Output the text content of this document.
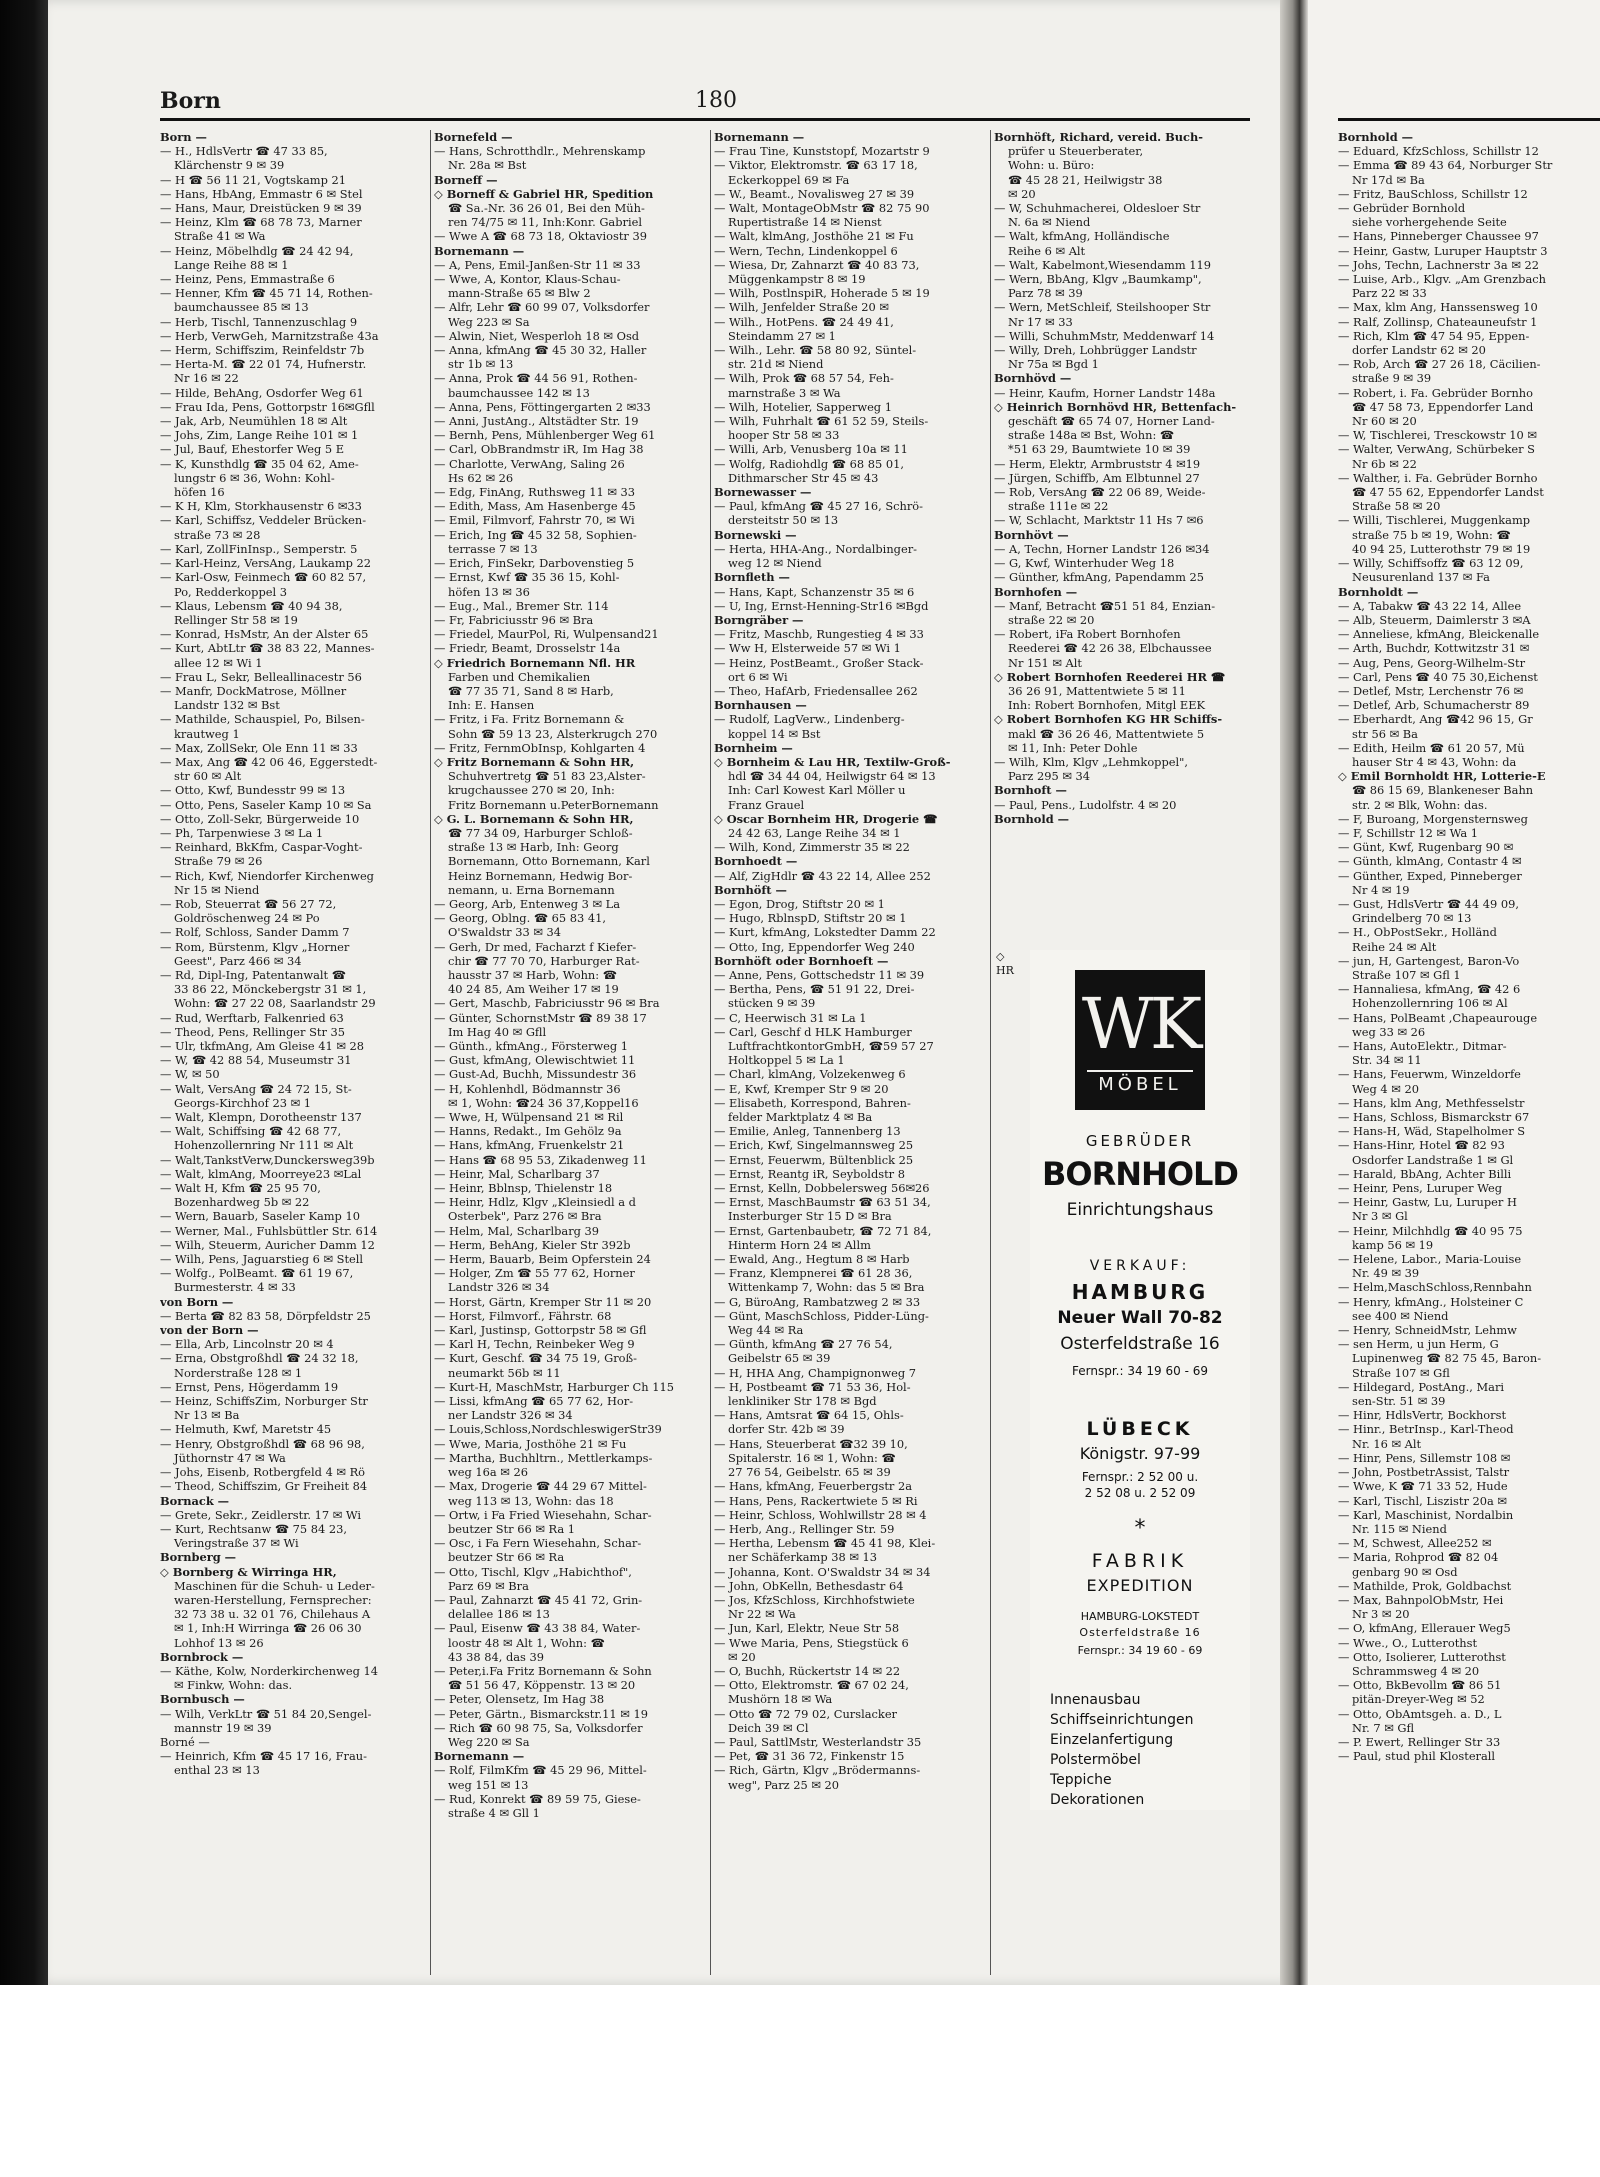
Born	180
Born —
— H., HdlsVertr ☎ 47 33 85,
Klärchenstr 9 ✉ 39
— H ☎ 56 11 21, Vogtskamp 21
— Hans, HbAng, Emmastr 6 ✉ Stel
— Hans, Maur, Dreistücken 9 ✉ 39
— Heinz, Klm ☎ 68 78 73, Marner
Straße 41 ✉ Wa
— Heinz, Möbelhdlg ☎ 24 42 94,
Lange Reihe 88 ✉ 1
— Heinz, Pens, Emmastraße 6
— Henner, Kfm ☎ 45 71 14, Rothen-
baumchaussee 85 ✉ 13
— Herb, Tischl, Tannenzuschlag 9
— Herb, VerwGeh, Marnitzstraße 43a
— Herm, Schiffszim, Reinfeldstr 7b
— Herta-M. ☎ 22 01 74, Hufnerstr.
Nr 16 ✉ 22
— Hilde, BehAng, Osdorfer Weg 61
— Frau Ida, Pens, Gottorpstr 16✉Gfll
— Jak, Arb, Neumühlen 18 ✉ Alt
— Johs, Zim, Lange Reihe 101 ✉ 1
— Jul, Bauf, Ehestorfer Weg 5 E
— K, Kunsthdlg ☎ 35 04 62, Ame-
lungstr 6 ✉ 36, Wohn: Kohl-
höfen 16
— K H, Klm, Storkhausenstr 6 ✉33
— Karl, Schiffsz, Veddeler Brücken-
straße 73 ✉ 28
— Karl, ZollFinInsp., Semperstr. 5
— Karl-Heinz, VersAng, Laukamp 22
— Karl-Osw, Feinmech ☎ 60 82 57,
Po, Redderkoppel 3
— Klaus, Lebensm ☎ 40 94 38,
Rellinger Str 58 ✉ 19
— Konrad, HsMstr, An der Alster 65
— Kurt, AbtLtr ☎ 38 83 22, Mannes-
allee 12 ✉ Wi 1
— Frau L, Sekr, Belleallinacestr 56
— Manfr, DockMatrose, Möllner
Landstr 132 ✉ Bst
— Mathilde, Schauspiel, Po, Bilsen-
krautweg 1
— Max, ZollSekr, Ole Enn 11 ✉ 33
— Max, Ang ☎ 42 06 46, Eggerstedt-
str 60 ✉ Alt
— Otto, Kwf, Bundesstr 99 ✉ 13
— Otto, Pens, Saseler Kamp 10 ✉ Sa
— Otto, Zoll-Sekr, Bürgerweide 10
— Ph, Tarpenwiese 3 ✉ La 1
— Reinhard, BkKfm, Caspar-Voght-
Straße 79 ✉ 26
— Rich, Kwf, Niendorfer Kirchenweg
Nr 15 ✉ Niend
— Rob, Steuerrat ☎ 56 27 72,
Goldröschenweg 24 ✉ Po
— Rolf, Schloss, Sander Damm 7
— Rom, Bürstenm, Klgv „Horner
Geest", Parz 466 ✉ 34
— Rd, Dipl-Ing, Patentanwalt ☎
33 86 22, Mönckebergstr 31 ✉ 1,
Wohn: ☎ 27 22 08, Saarlandstr 29
— Rud, Werftarb, Falkenried 63
— Theod, Pens, Rellinger Str 35
— Ulr, tkfmAng, Am Gleise 41 ✉ 28
— W, ☎ 42 88 54, Museumstr 31
— W, ✉ 50
— Walt, VersAng ☎ 24 72 15, St-
Georgs-Kirchhof 23 ✉ 1
— Walt, Klempn, Dorotheenstr 137
— Walt, Schiffsing ☎ 42 68 77,
Hohenzollernring Nr 111 ✉ Alt
— Walt,TankstVerw,Dunckersweg39b
— Walt, klmAng, Moorreye23 ✉Lal
— Walt H, Kfm ☎ 25 95 70,
Bozenhardweg 5b ✉ 22
— Wern, Bauarb, Saseler Kamp 10
— Werner, Mal., Fuhlsbüttler Str. 614
— Wilh, Steuerm, Auricher Damm 12
— Wilh, Pens, Jaguarstieg 6 ✉ Stell
— Wolfg., PolBeamt. ☎ 61 19 67,
Burmesterstr. 4 ✉ 33
von Born —
— Berta ☎ 82 83 58, Dörpfeldstr 25
von der Born —
— Ella, Arb, Lincolnstr 20 ✉ 4
— Erna, Obstgroßhdl ☎ 24 32 18,
Norderstraße 128 ✉ 1
— Ernst, Pens, Högerdamm 19
— Heinz, SchiffsZim, Norburger Str
Nr 13 ✉ Ba
— Helmuth, Kwf, Maretstr 45
— Henry, Obstgroßhdl ☎ 68 96 98,
Jüthornstr 47 ✉ Wa
— Johs, Eisenb, Rotbergfeld 4 ✉ Rö
— Theod, Schiffszim, Gr Freiheit 84
Bornack —
— Grete, Sekr., Zeidlerstr. 17 ✉ Wi
— Kurt, Rechtsanw ☎ 75 84 23,
Veringstraße 37 ✉ Wi
Bornberg —
◇ Bornberg & Wirringa HR,
Maschinen für die Schuh- u Leder-
waren-Herstellung, Fernsprecher:
32 73 38 u. 32 01 76, Chilehaus A
✉ 1, Inh:H Wirringa ☎ 26 06 30
Lohhof 13 ✉ 26
Bornbrock —
— Käthe, Kolw, Norderkirchenweg 14
✉ Finkw, Wohn: das.
Bornbusch —
— Wilh, VerkLtr ☎ 51 84 20,Sengel-
mannstr 19 ✉ 39
Borné —
— Heinrich, Kfm ☎ 45 17 16, Frau-
enthal 23 ✉ 13
Bornefeld —
— Hans, Schrotthdlr., Mehrenskamp
Nr. 28a ✉ Bst
Borneff —
◇ Borneff & Gabriel HR, Spedition
☎ Sa.-Nr. 36 26 01, Bei den Müh-
ren 74/75 ✉ 11, Inh:Konr. Gabriel
— Wwe A ☎ 68 73 18, Oktaviostr 39
Bornemann —
— A, Pens, Emil-Janßen-Str 11 ✉ 33
— Wwe, A, Kontor, Klaus-Schau-
mann-Straße 65 ✉ Blw 2
— Alfr, Lehr ☎ 60 99 07, Volksdorfer
Weg 223 ✉ Sa
— Alwin, Niet, Wesperloh 18 ✉ Osd
— Anna, kfmAng ☎ 45 30 32, Haller
str 1b ✉ 13
— Anna, Prok ☎ 44 56 91, Rothen-
baumchaussee 142 ✉ 13
— Anna, Pens, Föttingergarten 2 ✉33
— Anni, JustAng., Altstädter Str. 19
— Bernh, Pens, Mühlenberger Weg 61
— Carl, ObBrandmstr iR, Im Hag 38
— Charlotte, VerwAng, Saling 26
Hs 62 ✉ 26
— Edg, FinAng, Ruthsweg 11 ✉ 33
— Edith, Mass, Am Hasenberge 45
— Emil, Filmvorf, Fahrstr 70, ✉ Wi
— Erich, Ing ☎ 45 32 58, Sophien-
terrasse 7 ✉ 13
— Erich, FinSekr, Darbovenstieg 5
— Ernst, Kwf ☎ 35 36 15, Kohl-
höfen 13 ✉ 36
— Eug., Mal., Bremer Str. 114
— Fr, Fabriciusstr 96 ✉ Bra
— Friedel, MaurPol, Ri, Wulpensand21
— Friedr, Beamt, Drosselstr 14a
◇ Friedrich Bornemann Nfl. HR
Farben und Chemikalien
☎ 77 35 71, Sand 8 ✉ Harb,
Inh: E. Hansen
— Fritz, i Fa. Fritz Bornemann &
Sohn ☎ 59 13 23, Alsterkrugch 270
— Fritz, FernmObInsp, Kohlgarten 4
◇ Fritz Bornemann & Sohn HR,
Schuhvertretg ☎ 51 83 23,Alster-
krugchaussee 270 ✉ 20, Inh:
Fritz Bornemann u.PeterBornemann
◇ G. L. Bornemann & Sohn HR,
☎ 77 34 09, Harburger Schloß-
straße 13 ✉ Harb, Inh: Georg
Bornemann, Otto Bornemann, Karl
Heinz Bornemann, Hedwig Bor-
nemann, u. Erna Bornemann
— Georg, Arb, Entenweg 3 ✉ La
— Georg, Oblng. ☎ 65 83 41,
O'Swaldstr 33 ✉ 34
— Gerh, Dr med, Facharzt f Kiefer-
chir ☎ 77 70 70, Harburger Rat-
hausstr 37 ✉ Harb, Wohn: ☎
40 24 85, Am Weiher 17 ✉ 19
— Gert, Maschb, Fabriciusstr 96 ✉ Bra
— Günter, SchornstMstr ☎ 89 38 17
Im Hag 40 ✉ Gfll
— Günth., kfmAng., Försterweg 1
— Gust, kfmAng, Olewischtwiet 11
— Gust-Ad, Buchh, Missundestr 36
— H, Kohlenhdl, Bödmannstr 36
✉ 1, Wohn: ☎24 36 37,Koppel16
— Wwe, H, Wülpensand 21 ✉ Ril
— Hanns, Redakt., Im Gehölz 9a
— Hans, kfmAng, Fruenkelstr 21
— Hans ☎ 68 95 53, Zikadenweg 11
— Heinr, Mal, Scharlbarg 37
— Heinr, Bblnsp, Thielenstr 18
— Heinr, Hdlz, Klgv „Kleinsiedl a d
Osterbek", Parz 276 ✉ Bra
— Helm, Mal, Scharlbarg 39
— Herm, BehAng, Kieler Str 392b
— Herm, Bauarb, Beim Opferstein 24
— Holger, Zm ☎ 55 77 62, Horner
Landstr 326 ✉ 34
— Horst, Gärtn, Kremper Str 11 ✉ 20
— Horst, Filmvorf., Fährstr. 68
— Karl, Justinsp, Gottorpstr 58 ✉ Gfl
— Karl H, Techn, Reinbeker Weg 9
— Kurt, Geschf. ☎ 34 75 19, Groß-
neumarkt 56b ✉ 11
— Kurt-H, MaschMstr, Harburger Ch 115
— Lissi, kfmAng ☎ 65 77 62, Hor-
ner Landstr 326 ✉ 34
— Louis,Schloss,NordschleswigerStr39
— Wwe, Maria, Josthöhe 21 ✉ Fu
— Martha, Buchhltrn., Mettlerkamps-
weg 16a ✉ 26
— Max, Drogerie ☎ 44 29 67 Mittel-
weg 113 ✉ 13, Wohn: das 18
— Ortw, i Fa Fried Wiesehahn, Schar-
beutzer Str 66 ✉ Ra 1
— Osc, i Fa Fern Wiesehahn, Schar-
beutzer Str 66 ✉ Ra
— Otto, Tischl, Klgv „Habichthof",
Parz 69 ✉ Bra
— Paul, Zahnarzt ☎ 45 41 72, Grin-
delallee 186 ✉ 13
— Paul, Eisenw ☎ 43 38 84, Water-
loostr 48 ✉ Alt 1, Wohn: ☎
43 38 84, das 39
— Peter,i.Fa Fritz Bornemann & Sohn
☎ 51 56 47, Köppenstr. 13 ✉ 20
— Peter, Olensetz, Im Hag 38
— Peter, Gärtn., Bismarckstr.11 ✉ 19
— Rich ☎ 60 98 75, Sa, Volksdorfer
Weg 220 ✉ Sa
Bornemann —
— Rolf, FilmKfm ☎ 45 29 96, Mittel-
weg 151 ✉ 13
— Rud, Konrekt ☎ 89 59 75, Giese-
straße 4 ✉ Gll 1
Bornemann —
— Frau Tine, Kunststopf, Mozartstr 9
— Viktor, Elektromstr. ☎ 63 17 18,
Eckerkoppel 69 ✉ Fa
— W., Beamt., Novalisweg 27 ✉ 39
— Walt, MontageObMstr ☎ 82 75 90
Rupertistraße 14 ✉ Nienst
— Walt, klmAng, Josthöhe 21 ✉ Fu
— Wern, Techn, Lindenkoppel 6
— Wiesa, Dr, Zahnarzt ☎ 40 83 73,
Müggenkampstr 8 ✉ 19
— Wilh, PostlnspiR, Hoherade 5 ✉ 19
— Wilh, Jenfelder Straße 20 ✉
— Wilh., HotPens. ☎ 24 49 41,
Steindamm 27 ✉ 1
— Wilh., Lehr. ☎ 58 80 92, Süntel-
str. 21d ✉ Niend
— Wilh, Prok ☎ 68 57 54, Feh-
marnstraße 3 ✉ Wa
— Wilh, Hotelier, Sapperweg 1
— Wilh, Fuhrhalt ☎ 61 52 59, Steils-
hooper Str 58 ✉ 33
— Willi, Arb, Venusberg 10a ✉ 11
— Wolfg, Radiohdlg ☎ 68 85 01,
Dithmarscher Str 45 ✉ 43
Bornewasser —
— Paul, kfmAng ☎ 45 27 16, Schrö-
dersteitstr 50 ✉ 13
Bornewski —
— Herta, HHA-Ang., Nordalbinger-
weg 12 ✉ Niend
Bornfleth —
— Hans, Kapt, Schanzenstr 35 ✉ 6
— U, Ing, Ernst-Henning-Str16 ✉Bgd
Borngräber —
— Fritz, Maschb, Rungestieg 4 ✉ 33
— Ww H, Elsterweide 57 ✉ Wi 1
— Heinz, PostBeamt., Großer Stack-
ort 6 ✉ Wi
— Theo, HafArb, Friedensallee 262
Bornhausen —
— Rudolf, LagVerw., Lindenberg-
koppel 14 ✉ Bst
Bornheim —
◇ Bornheim & Lau HR, Textilw-Groß-
hdl ☎ 34 44 04, Heilwigstr 64 ✉ 13
Inh: Carl Kowest Karl Möller u
Franz Grauel
◇ Oscar Bornheim HR, Drogerie ☎
24 42 63, Lange Reihe 34 ✉ 1
— Wilh, Kond, Zimmerstr 35 ✉ 22
Bornhoedt —
— Alf, ZigHdlr ☎ 43 22 14, Allee 252
Bornhöft —
— Egon, Drog, Stiftstr 20 ✉ 1
— Hugo, RblnspD, Stiftstr 20 ✉ 1
— Kurt, kfmAng, Lokstedter Damm 22
— Otto, Ing, Eppendorfer Weg 240
Bornhöft oder Bornhoeft —
— Anne, Pens, Gottschedstr 11 ✉ 39
— Bertha, Pens, ☎ 51 91 22, Drei-
stücken 9 ✉ 39
— C, Heerwisch 31 ✉ La 1
— Carl, Geschf d HLK Hamburger
LuftfrachtkontorGmbH, ☎59 57 27
Holtkoppel 5 ✉ La 1
— Charl, klmAng, Volzekenweg 6
— E, Kwf, Kremper Str 9 ✉ 20
— Elisabeth, Korrespond, Bahren-
felder Marktplatz 4 ✉ Ba
— Emilie, Anleg, Tannenberg 13
— Erich, Kwf, Singelmannsweg 25
— Ernst, Feuerwm, Bültenblick 25
— Ernst, Reantg iR, Seyboldstr 8
— Ernst, Kelln, Dobbelersweg 56✉26
— Ernst, MaschBaumstr ☎ 63 51 34,
Insterburger Str 15 D ✉ Bra
— Ernst, Gartenbaubetr, ☎ 72 71 84,
Hinterm Horn 24 ✉ Allm
— Ewald, Ang., Hegtum 8 ✉ Harb
— Franz, Klempnerei ☎ 61 28 36,
Wittenkamp 7, Wohn: das 5 ✉ Bra
— G, BüroAng, Rambatzweg 2 ✉ 33
— Günt, MaschSchloss, Pidder-Lüng-
Weg 44 ✉ Ra
— Günth, kfmAng ☎ 27 76 54,
Geibelstr 65 ✉ 39
— H, HHA Ang, Champignonweg 7
— H, Postbeamt ☎ 71 53 36, Hol-
lenkliniker Str 178 ✉ Bgd
— Hans, Amtsrat ☎ 64 15, Ohls-
dorfer Str. 42b ✉ 39
— Hans, Steuerberat ☎32 39 10,
Spitalerstr. 16 ✉ 1, Wohn: ☎
27 76 54, Geibelstr. 65 ✉ 39
— Hans, kfmAng, Feuerbergstr 2a
— Hans, Pens, Rackertwiete 5 ✉ Ri
— Heinr, Schloss, Wohlwillstr 28 ✉ 4
— Herb, Ang., Rellinger Str. 59
— Hertha, Lebensm ☎ 45 41 98, Klei-
ner Schäferkamp 38 ✉ 13
— Johanna, Kont. O'Swaldstr 34 ✉ 34
— John, ObKelln, Bethesdastr 64
— Jos, KfzSchloss, Kirchhofstwiete
Nr 22 ✉ Wa
— Jun, Karl, Elektr, Neue Str 58
— Wwe Maria, Pens, Stiegstück 6
✉ 20
— O, Buchh, Rückertstr 14 ✉ 22
— Otto, Elektromstr. ☎ 67 02 24,
Mushörn 18 ✉ Wa
— Otto ☎ 72 79 02, Curslacker
Deich 39 ✉ Cl
— Paul, SattlMstr, Westerlandstr 35
— Pet, ☎ 31 36 72, Finkenstr 15
— Rich, Gärtn, Klgv „Brödermanns-
weg", Parz 25 ✉ 20
Bornhöft, Richard, vereid. Buch-
prüfer u Steuerberater,
Wohn: u. Büro:
☎ 45 28 21, Heilwigstr 38
✉ 20
— W, Schuhmacherei, Oldesloer Str
N. 6a ✉ Niend
— Walt, kfmAng, Holländische
Reihe 6 ✉ Alt
— Walt, Kabelmont,Wiesendamm 119
— Wern, BbAng, Klgv „Baumkamp",
Parz 78 ✉ 39
— Wern, MetSchleif, Steilshooper Str
Nr 17 ✉ 33
— Willi, SchuhmMstr, Meddenwarf 14
— Willy, Dreh, Lohbrügger Landstr
Nr 75a ✉ Bgd 1
Bornhövd —
— Heinr, Kaufm, Horner Landstr 148a
◇ Heinrich Bornhövd HR, Bettenfach-
geschäft ☎ 65 74 07, Horner Land-
straße 148a ✉ Bst, Wohn: ☎
*51 63 29, Baumtwiete 10 ✉ 39
— Herm, Elektr, Armbruststr 4 ✉19
— Jürgen, Schiffb, Am Elbtunnel 27
— Rob, VersAng ☎ 22 06 89, Weide-
straße 111e ✉ 22
— W, Schlacht, Marktstr 11 Hs 7 ✉6
Bornhövt —
— A, Techn, Horner Landstr 126 ✉34
— G, Kwf, Winterhuder Weg 18
— Günther, kfmAng, Papendamm 25
Bornhofen —
— Manf, Betracht ☎51 51 84, Enzian-
straße 22 ✉ 20
— Robert, iFa Robert Bornhofen
Reederei ☎ 42 26 38, Elbchaussee
Nr 151 ✉ Alt
◇ Robert Bornhofen Reederei HR ☎
36 26 91, Mattentwiete 5 ✉ 11
Inh: Robert Bornhofen, Mitgl EEK
◇ Robert Bornhofen KG HR Schiffs-
makl ☎ 36 26 46, Mattentwiete 5
✉ 11, Inh: Peter Dohle
— Wilh, Klm, Klgv „Lehmkoppel",
Parz 295 ✉ 34
Bornhoft —
— Paul, Pens., Ludolfstr. 4 ✉ 20
Bornhold —
◇
HR
WK
MÖBEL
GEBRÜDER
BORNHOLD
Einrichtungshaus
VERKAUF:
HAMBURG
Neuer Wall 70-82
Osterfeldstraße 16
Fernspr.: 34 19 60 - 69
LÜBECK
Königstr. 97-99
Fernspr.: 2 52 00 u.
2 52 08 u. 2 52 09
*
FABRIK
EXPEDITION
HAMBURG-LOKSTEDT
Osterfeldstraße 16
Fernspr.: 34 19 60 - 69
Innenausbau
Schiffseinrichtungen
Einzelanfertigung
Polstermöbel
Teppiche
Dekorationen
Bornhold —
— Eduard, KfzSchloss, Schillstr 12
— Emma ☎ 89 43 64, Norburger Str
Nr 17d ✉ Ba
— Fritz, BauSchloss, Schillstr 12
— Gebrüder Bornhold
siehe vorhergehende Seite
— Hans, Pinneberger Chaussee 97
— Heinr, Gastw, Luruper Hauptstr 3
— Johs, Techn, Lachnerstr 3a ✉ 22
— Luise, Arb., Klgv. „Am Grenzbach
Parz 22 ✉ 33
— Max, klm Ang, Hanssensweg 10
— Ralf, Zollinsp, Chateauneufstr 1
— Rich, Klm ☎ 47 54 95, Eppen-
dorfer Landstr 62 ✉ 20
— Rob, Arch ☎ 27 26 18, Cäcilien-
straße 9 ✉ 39
— Robert, i. Fa. Gebrüder Bornho
☎ 47 58 73, Eppendorfer Land
Nr 60 ✉ 20
— W, Tischlerei, Tresckowstr 10 ✉
— Walter, VerwAng, Schürbeker S
Nr 6b ✉ 22
— Walther, i. Fa. Gebrüder Bornho
☎ 47 55 62, Eppendorfer Landst
Straße 58 ✉ 20
— Willi, Tischlerei, Muggenkamp
straße 75 b ✉ 19, Wohn: ☎
40 94 25, Lutterothstr 79 ✉ 19
— Willy, Schiffsoffz ☎ 63 12 09,
Neusurenland 137 ✉ Fa
Bornholdt —
— A, Tabakw ☎ 43 22 14, Allee
— Alb, Steuerm, Daimlerstr 3 ✉A
— Anneliese, kfmAng, Bleickenalle
— Arth, Buchdr, Kottwitzstr 31 ✉
— Aug, Pens, Georg-Wilhelm-Str
— Carl, Pens ☎ 40 75 30,Eichenst
— Detlef, Mstr, Lerchenstr 76 ✉
— Detlef, Arb, Schumacherstr 89
— Eberhardt, Ang ☎42 96 15, Gr
str 56 ✉ Ba
— Edith, Heilm ☎ 61 20 57, Mü
hauser Str 4 ✉ 43, Wohn: da
◇ Emil Bornholdt HR, Lotterie-E
☎ 86 15 69, Blankeneser Bahn
str. 2 ✉ Blk, Wohn: das.
— F, Buroang, Morgensternsweg
— F, Schillstr 12 ✉ Wa 1
— Günt, Kwf, Rugenbarg 90 ✉
— Günth, klmAng, Contastr 4 ✉
— Günther, Exped, Pinneberger
Nr 4 ✉ 19
— Gust, HdlsVertr ☎ 44 49 09,
Grindelberg 70 ✉ 13
— H., ObPostSekr., Holländ
Reihe 24 ✉ Alt
— jun, H, Gartengest, Baron-Vo
Straße 107 ✉ Gfl 1
— Hannaliesa, kfmAng, ☎ 42 6
Hohenzollernring 106 ✉ Al
— Hans, PolBeamt ,Chapeaurouge
weg 33 ✉ 26
— Hans, AutoElektr., Ditmar-
Str. 34 ✉ 11
— Hans, Feuerwm, Winzeldorfe
Weg 4 ✉ 20
— Hans, klm Ang, Methfesselstr
— Hans, Schloss, Bismarckstr 67
— Hans-H, Wäd, Stapelholmer S
— Hans-Hinr, Hotel ☎ 82 93
Osdorfer Landstraße 1 ✉ Gl
— Harald, BbAng, Achter Billi
— Heinr, Pens, Luruper Weg
— Heinr, Gastw, Lu, Luruper H
Nr 3 ✉ Gl
— Heinr, Milchhdlg ☎ 40 95 75
kamp 56 ✉ 19
— Helene, Labor., Maria-Louise
Nr. 49 ✉ 39
— Helm,MaschSchloss,Rennbahn
— Henry, kfmAng., Holsteiner C
see 400 ✉ Niend
— Henry, SchneidMstr, Lehmw
— sen Herm, u jun Herm, G
Lupinenweg ☎ 82 75 45, Baron-
Straße 107 ✉ Gfl
— Hildegard, PostAng., Mari
sen-Str. 51 ✉ 39
— Hinr, HdlsVertr, Bockhorst
— Hinr., BetrInsp., Karl-Theod
Nr. 16 ✉ Alt
— Hinr, Pens, Sillemstr 108 ✉
— John, PostbetrAssist, Talstr
— Wwe, K ☎ 71 33 52, Hude
— Karl, Tischl, Liszistr 20a ✉
— Karl, Maschinist, Nordalbin
Nr. 115 ✉ Niend
— M, Schwest, Allee252 ✉
— Maria, Rohprod ☎ 82 04
genbarg 90 ✉ Osd
— Mathilde, Prok, Goldbachst
— Max, BahnpolObMstr, Hei
Nr 3 ✉ 20
— O, kfmAng, Ellerauer Weg5
— Wwe., O., Lutterothst
— Otto, Isolierer, Lutterothst
Schrammsweg 4 ✉ 20
— Otto, BkBevollm ☎ 86 51
pitän-Dreyer-Weg ✉ 52
— Otto, ObAmtsgeh. a. D., L
Nr. 7 ✉ Gfl
— P. Ewert, Rellinger Str 33
— Paul, stud phil Klosterall
